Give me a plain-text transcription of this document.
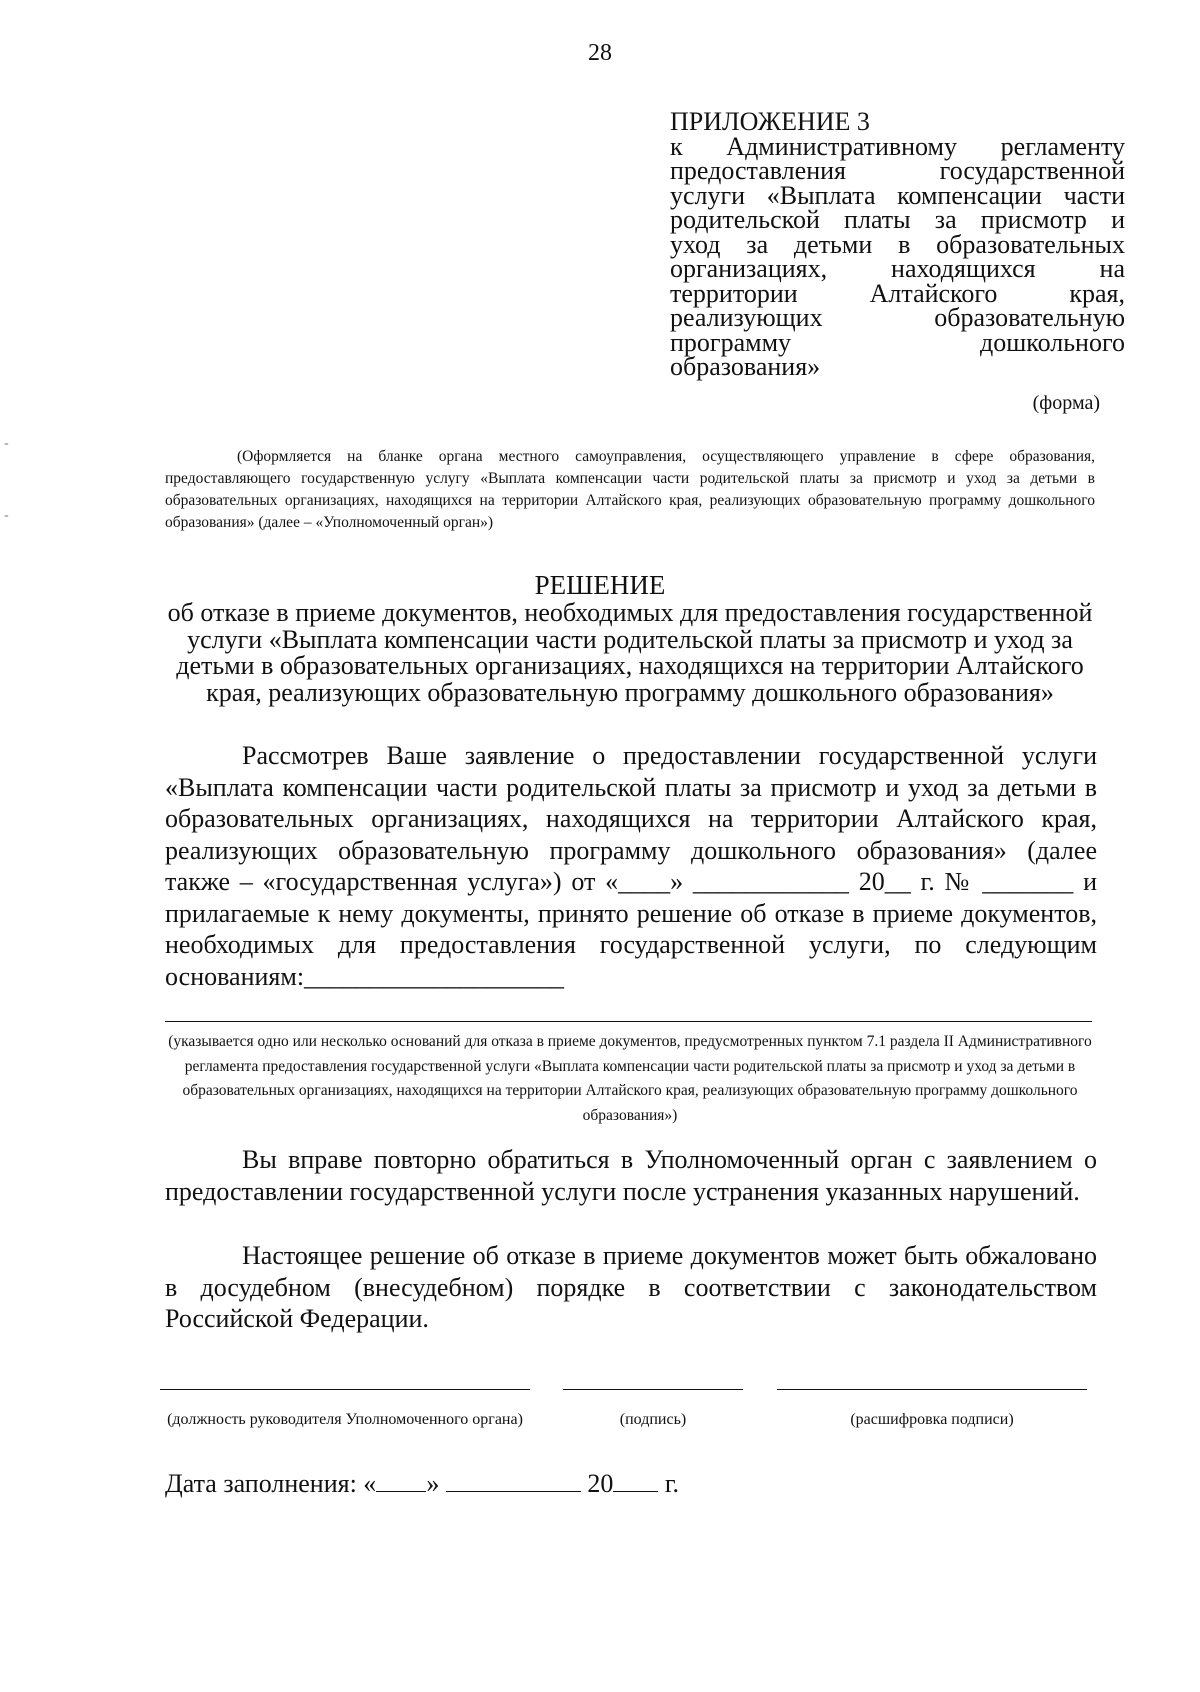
28
ПРИЛОЖЕНИЕ 3
к Административному регламенту
предоставления государственной
услуги «Выплата компенсации части
родительской платы за присмотр и
уход за детьми в образовательных
организациях, находящихся на
территории Алтайского края,
реализующих образовательную
программу дошкольного
образования»
(форма)
(Оформляется на бланке органа местного самоуправления, осуществляющего управление в сфере образования, предоставляющего государственную услугу «Выплата компенсации части родительской платы за присмотр и уход за детьми в образовательных организациях, находящихся на территории Алтайского края, реализующих образовательную программу дошкольного образования» (далее – «Уполномоченный орган»)
РЕШЕНИЕ
об отказе в приеме документов, необходимых для предоставления государственной услуги «Выплата компенсации части родительской платы за присмотр и уход за детьми в образовательных организациях, находящихся на территории Алтайского края, реализующих образовательную программу дошкольного образования»
Рассмотрев Ваше заявление о предоставлении государственной услуги «Выплата компенсации части родительской платы за присмотр и уход за детьми в образовательных организациях, находящихся на территории Алтайского края, реализующих образовательную программу дошкольного образования» (далее также – «государственная услуга») от «____» ____________ 20__ г. № _______ и прилагаемые к нему документы, принято решение об отказе в приеме документов, необходимых для предоставления государственной услуги, по следующим основаниям:____________________
(указывается одно или несколько оснований для отказа в приеме документов, предусмотренных пунктом 7.1 раздела II Административного регламента предоставления государственной услуги «Выплата компенсации части родительской платы за присмотр и уход за детьми в образовательных организациях, находящихся на территории Алтайского края, реализующих образовательную программу дошкольного образования»)
Вы вправе повторно обратиться в Уполномоченный орган с заявлением о предоставлении государственной услуги после устранения указанных нарушений.
Настоящее решение об отказе в приеме документов может быть обжаловано в досудебном (внесудебном) порядке в соответствии с законодательством Российской Федерации.
(должность руководителя Уполномоченного органа)	(подпись)	(расшифровка подписи)
Дата заполнения: « »	20 г.
-
-
